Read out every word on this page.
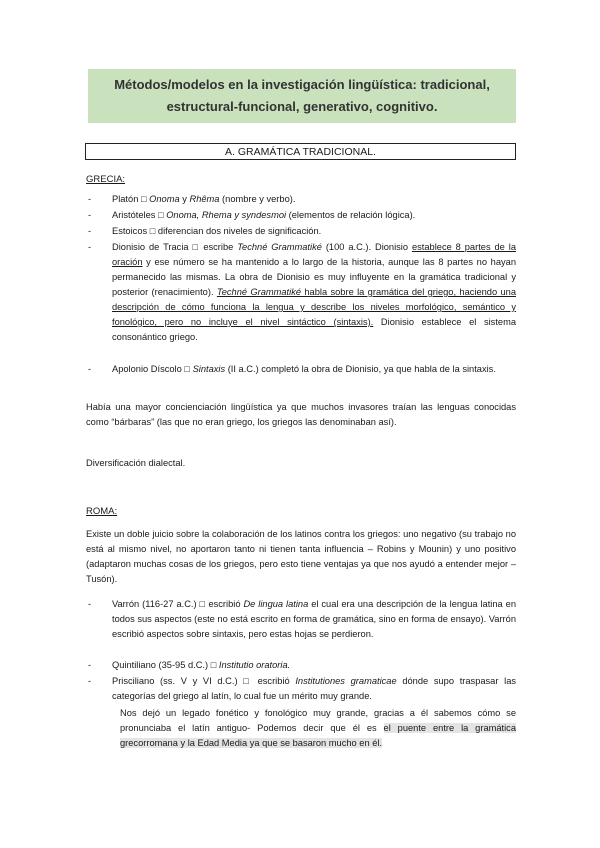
Métodos/modelos en la investigación lingüística: tradicional,
estructural-funcional, generativo, cognitivo.
A. GRAMÁTICA TRADICIONAL.
GRECIA:
- Platón □ Onoma y Rhêma (nombre y verbo).
- Aristóteles □ Onoma, Rhema y syndesmoi (elementos de relación lógica).
- Estoicos □ diferencian dos niveles de significación.
- Dionisio de Tracia □ escribe Techné Grammatiké (100 a.C.). Dionisio establece 8 partes de la oración y ese número se ha mantenido a lo largo de la historia, aunque las 8 partes no hayan permanecido las mismas. La obra de Dionisio es muy influyente en la gramática tradicional y posterior (renacimiento). Techné Grammatiké habla sobre la gramática del griego, haciendo una descripción de cómo funciona la lengua y describe los niveles morfológico, semántico y fonológico, pero no incluye el nivel sintáctico (sintaxis). Dionisio establece el sistema consonántico griego.
- Apolonio Díscolo □ Sintaxis (II a.C.) completó la obra de Dionisio, ya que habla de la sintaxis.
Había una mayor concienciación lingüística ya que muchos invasores traían las lenguas conocidas como “bárbaras” (las que no eran griego, los griegos las denominaban así).
Diversificación dialectal.
ROMA:
Existe un doble juicio sobre la colaboración de los latinos contra los griegos: uno negativo (su trabajo no está al mismo nivel, no aportaron tanto ni tienen tanta influencia – Robins y Mounin) y uno positivo (adaptaron muchas cosas de los griegos, pero esto tiene ventajas ya que nos ayudó a entender mejor – Tusón).
- Varrón (116-27 a.C.) □ escribió De lingua latina el cual era una descripción de la lengua latina en todos sus aspectos (este no está escrito en forma de gramática, sino en forma de ensayo). Varrón escribió aspectos sobre sintaxis, pero estas hojas se perdieron.
- Quintiliano (35-95 d.C.) □ Institutio oratoria.
- Prisciliano (ss. V y VI d.C.) □ escribió Institutiones gramaticae dónde supo traspasar las categorías del griego al latín, lo cual fue un mérito muy grande.
Nos dejó un legado fonético y fonológico muy grande, gracias a él sabemos cómo se pronunciaba el latín antiguo- Podemos decir que él es el puente entre la gramática grecorromana y la Edad Media ya que se basaron mucho en él.
